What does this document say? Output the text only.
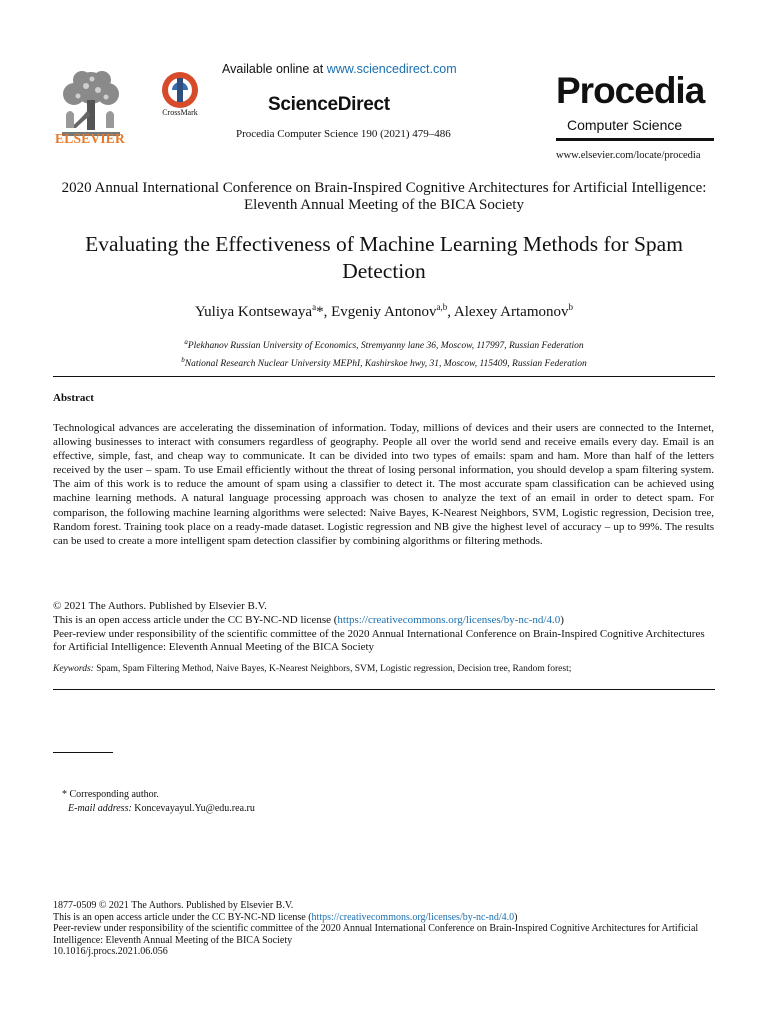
ELSEVIER
CrossMark
Available online at www.sciencedirect.com
ScienceDirect
Procedia Computer Science 190 (2021) 479–486
Procedia
Computer Science
www.elsevier.com/locate/procedia
2020 Annual International Conference on Brain-Inspired Cognitive Architectures for Artificial Intelligence: Eleventh Annual Meeting of the BICA Society
Evaluating the Effectiveness of Machine Learning Methods for Spam Detection
Yuliya Kontsewaya$^a$*, Evgeniy Antonov$^{a,b}$, Alexey Artamonov$^b$
$^a$Plekhanov Russian University of Economics, Stremyanny lane 36, Moscow, 117997, Russian Federation
$^b$National Research Nuclear University MEPhI, Kashirskoe hwy, 31, Moscow, 115409, Russian Federation
Abstract
Technological advances are accelerating the dissemination of information. Today, millions of devices and their users are connected to the Internet, allowing businesses to interact with consumers regardless of geography. People all over the world send and receive emails every day. Email is an effective, simple, fast, and cheap way to communicate. It can be divided into two types of emails: spam and ham. More than half of the letters received by the user – spam. To use Email efficiently without the threat of losing personal information, you should develop a spam filtering system. The aim of this work is to reduce the amount of spam using a classifier to detect it. The most accurate spam classification can be achieved using machine learning methods. A natural language processing approach was chosen to analyze the text of an email in order to detect spam. For comparison, the following machine learning algorithms were selected: Naive Bayes, K-Nearest Neighbors, SVM, Logistic regression, Decision tree, Random forest. Training took place on a ready-made dataset. Logistic regression and NB give the highest level of accuracy – up to 99%. The results can be used to create a more intelligent spam detection classifier by combining algorithms or filtering methods.
© 2021 The Authors. Published by Elsevier B.V.
This is an open access article under the CC BY-NC-ND license (https://creativecommons.org/licenses/by-nc-nd/4.0)
Peer-review under responsibility of the scientific committee of the 2020 Annual International Conference on Brain-Inspired Cognitive Architectures for Artificial Intelligence: Eleventh Annual Meeting of the BICA Society
Keywords: Spam, Spam Filtering Method, Naive Bayes, K-Nearest Neighbors, SVM, Logistic regression, Decision tree, Random forest;
* Corresponding author.
E-mail address: Koncevayayul.Yu@edu.rea.ru
1877-0509 © 2021 The Authors. Published by Elsevier B.V.
This is an open access article under the CC BY-NC-ND license (https://creativecommons.org/licenses/by-nc-nd/4.0)
Peer-review under responsibility of the scientific committee of the 2020 Annual International Conference on Brain-Inspired Cognitive Architectures for Artificial Intelligence: Eleventh Annual Meeting of the BICA Society
10.1016/j.procs.2021.06.056
